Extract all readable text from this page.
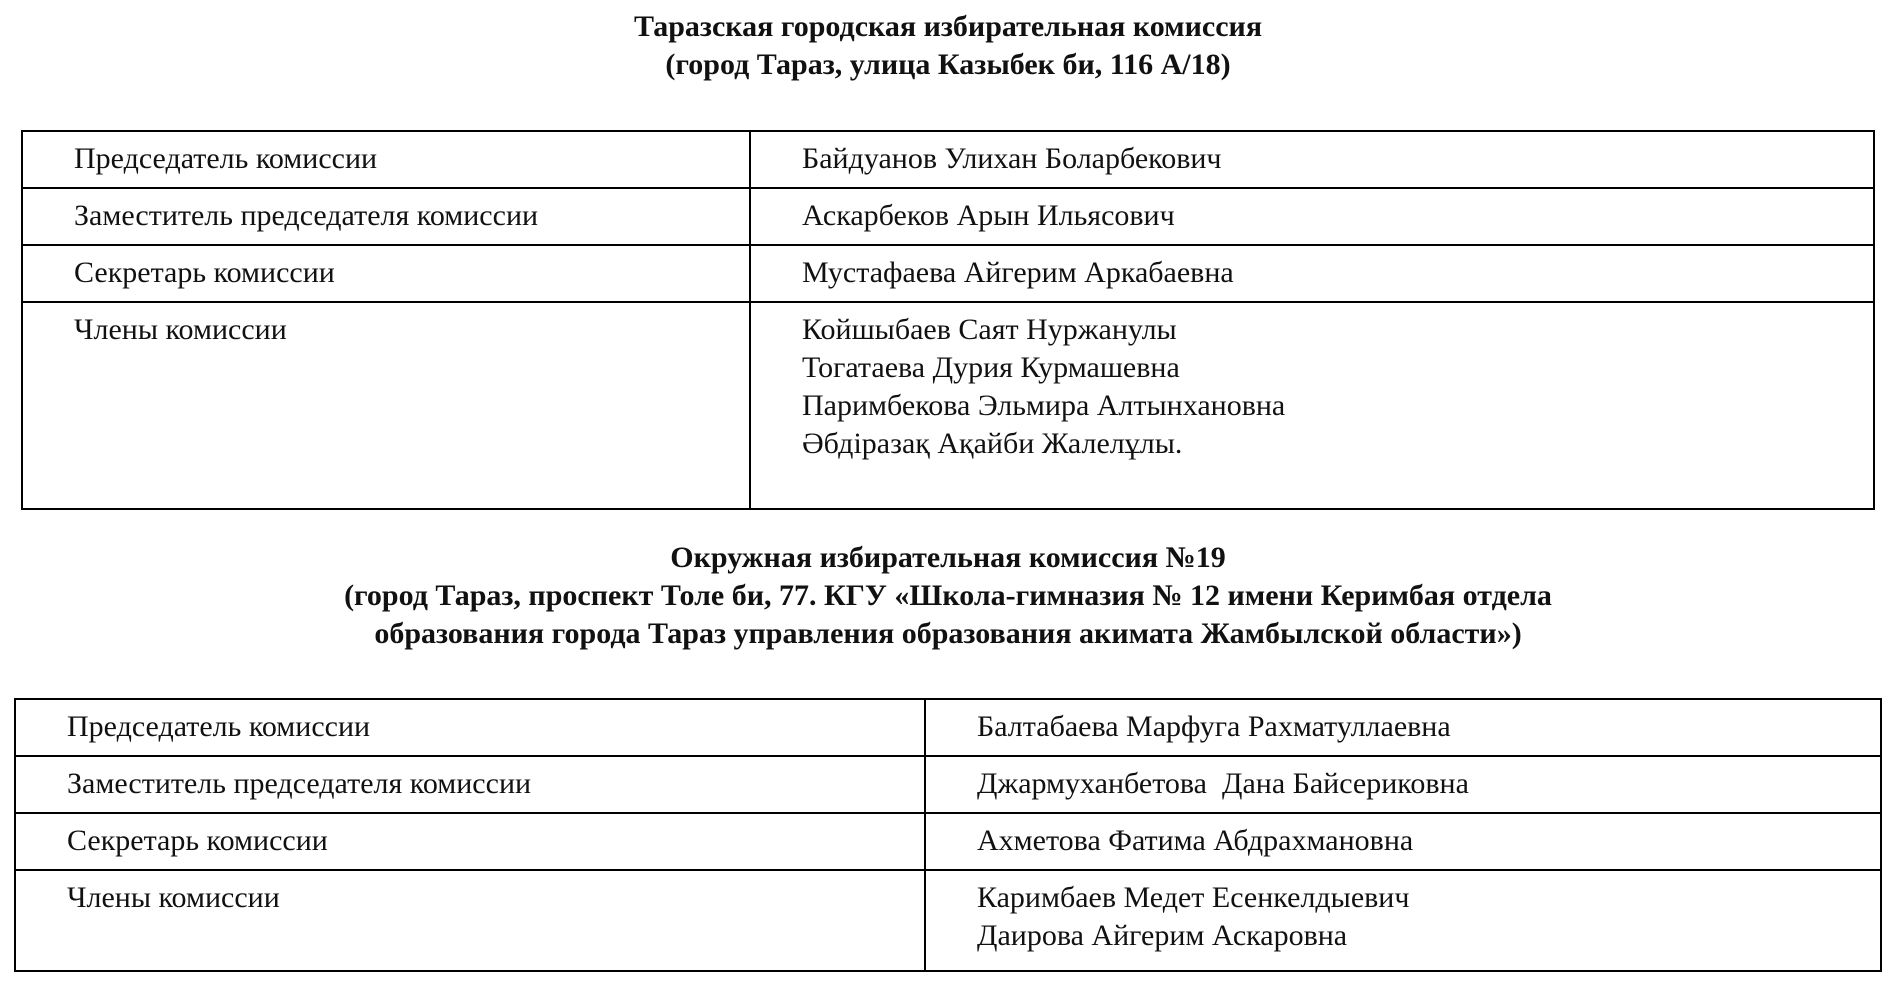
Таразская городская избирательная комиссия
(город Тараз, улица Казыбек би, 116 А/18)
Председатель комиссии	Байдуанов Улихан Боларбекович

Заместитель председателя комиссии	Аскарбеков Арын Ильясович

Секретарь комиссии	Мустафаева Айгерим Аркабаевна

Члены комиссии	Койшыбаев Саят Нуржанулы
Тогатаева Дурия Курмашевна
Паримбекова Эльмира Алтынхановна
Әбдіразақ Ақайби Жалелұлы.
Окружная избирательная комиссия №19
(город Тараз, проспект Толе би, 77. КГУ «Школа-гимназия № 12 имени Керимбая отдела
образования города Тараз управления образования акимата Жамбылской области»)
Председатель комиссии	Балтабаева Марфуга Рахматуллаевна

Заместитель председателя комиссии	Джармуханбетова  Дана Байсериковна

Секретарь комиссии	Ахметова Фатима Абдрахмановна

Члены комиссии	Каримбаев Медет Есенкелдыевич
Даирова Айгерим Аскаровна
